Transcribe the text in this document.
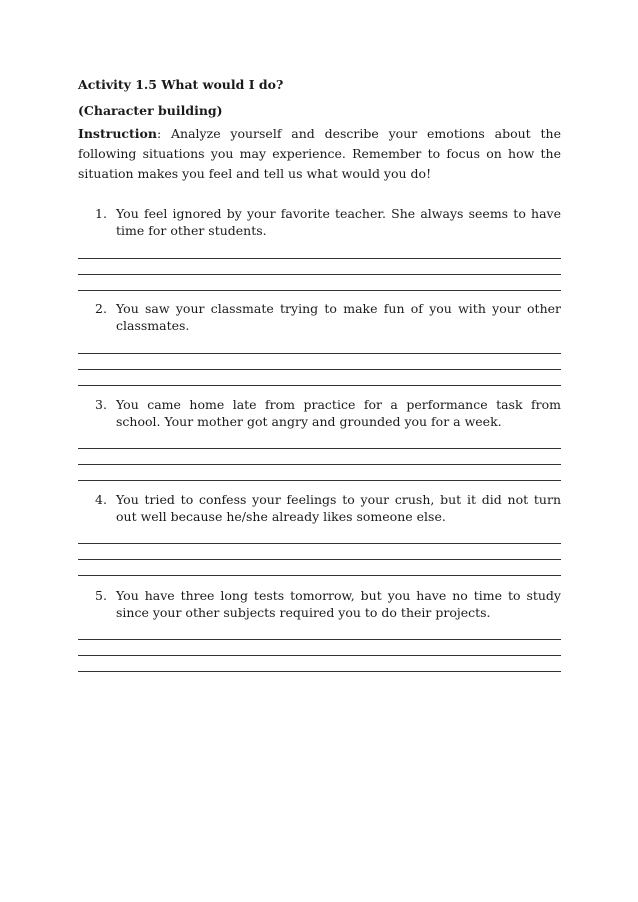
Activity 1.5 What would I do?
(Character building)

Instruction: Analyze yourself and describe your emotions about the following situations you may experience. Remember to focus on how the situation makes you feel and tell us what would you do!

1. You feel ignored by your favorite teacher. She always seems to have time for other students.
2. You saw your classmate trying to make fun of you with your other classmates.
3. You came home late from practice for a performance task from school. Your mother got angry and grounded you for a week.
4. You tried to confess your feelings to your crush, but it did not turn out well because he/she already likes someone else.
5. You have three long tests tomorrow, but you have no time to study since your other subjects required you to do their projects.
